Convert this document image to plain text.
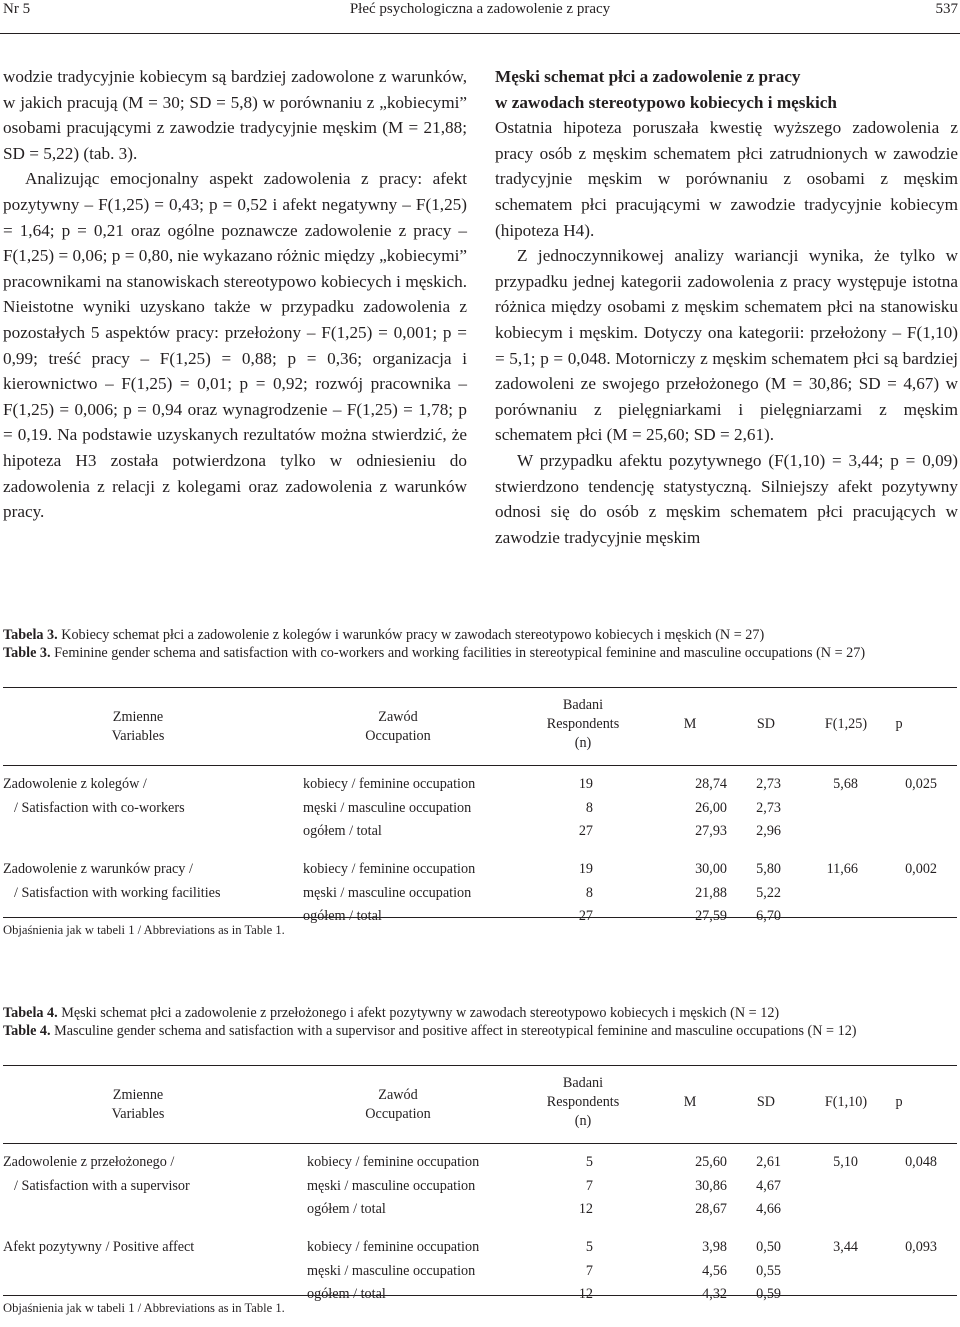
Nr 5	Płeć psychologiczna a zadowolenie z pracy	537

wodzie tradycyjnie kobiecym są bardziej zadowolone z warunków, w jakich pracują (M = 30; SD = 5,8) w porównaniu z „kobiecymi” osobami pracującymi z zawodzie tradycyjnie męskim (M = 21,88; SD = 5,22) (tab. 3).

Analizując emocjonalny aspekt zadowolenia z pracy: afekt pozytywny – F(1,25) = 0,43; p = 0,52 i afekt negatywny – F(1,25) = 1,64; p = 0,21 oraz ogólne poznawcze zadowolenie z pracy – F(1,25) = 0,06; p = 0,80, nie wykazano różnic między „kobiecymi” pracownikami na stanowiskach stereotypowo kobiecych i męskich. Nieistotne wyniki uzyskano także w przypadku zadowolenia z pozostałych 5 aspektów pracy: przełożony – F(1,25) = 0,001; p = 0,99; treść pracy – F(1,25) = 0,88; p = 0,36; organizacja i kierownictwo – F(1,25) = 0,01; p = 0,92; rozwój pracownika – F(1,25) = 0,006; p = 0,94 oraz wynagrodzenie – F(1,25) = 1,78; p = 0,19. Na podstawie uzyskanych rezultatów można stwierdzić, że hipoteza H3 została potwierdzona tylko w odniesieniu do zadowolenia z relacji z kolegami oraz zadowolenia z warunków pracy.

Męski schemat płci a zadowolenie z pracy
w zawodach stereotypowo kobiecych i męskich

Ostatnia hipoteza poruszała kwestię wyższego zadowolenia z pracy osób z męskim schematem płci zatrudnionych w zawodzie tradycyjnie męskim w porównaniu z osobami z męskim schematem płci pracującymi w zawodzie tradycyjnie kobiecym (hipoteza H4).

Z jednoczynnikowej analizy wariancji wynika, że tylko w przypadku jednej kategorii zadowolenia z pracy występuje istotna różnica między osobami z męskim schematem płci na stanowisku kobiecym i męskim. Dotyczy ona kategorii: przełożony – F(1,10) = 5,1; p = 0,048. Motorniczy z męskim schematem płci są bardziej zadowoleni ze swojego przełożonego (M = 30,86; SD = 4,67) w porównaniu z pielęgniarkami i pielęgniarzami z męskim schematem płci (M = 25,60; SD = 2,61).

W przypadku afektu pozytywnego (F(1,10) = 3,44; p = 0,09) stwierdzono tendencję statystyczną. Silniejszy afekt pozytywny odnosi się do osób z męskim schematem płci pracujących w zawodzie tradycyjnie męskim

Tabela 3. Kobiecy schemat płci a zadowolenie z kolegów i warunków pracy w zawodach stereotypowo kobiecych i męskich (N = 27)

Table 3. Feminine gender schema and satisfaction with co-workers and working facilities in stereotypical feminine and masculine occupations (N = 27)

Zmienne
Variables
Zawód
Occupation
Badani
Respondents
(n)
M	SD	F(1,25)	p
Zadowolenie z kolegów /
/ Satisfaction with co-workers
kobiecy / feminine occupation	19	28,74	2,73	5,68	0,025
męski / masculine occupation	8	26,00	2,73
ogółem / total	27	27,93	2,96
Zadowolenie z warunków pracy /
/ Satisfaction with working facilities
kobiecy / feminine occupation	19	30,00	5,80	11,66	0,002
męski / masculine occupation	8	21,88	5,22
ogółem / total	27	27,59	6,70
Objaśnienia jak w tabeli 1 / Abbreviations as in Table 1.

Tabela 4. Męski schemat płci a zadowolenie z przełożonego i afekt pozytywny w zawodach stereotypowo kobiecych i męskich (N = 12)

Table 4. Masculine gender schema and satisfaction with a supervisor and positive affect in stereotypical feminine and masculine occupations (N = 12)

Zmienne
Variables
Zawód
Occupation
Badani
Respondents
(n)
M	SD	F(1,10)	p
Zadowolenie z przełożonego /
/ Satisfaction with a supervisor
kobiecy / feminine occupation	5	25,60	2,61	5,10	0,048
męski / masculine occupation	7	30,86	4,67
ogółem / total	12	28,67	4,66
Afekt pozytywny / Positive affect	kobiecy / feminine occupation	5	3,98	0,50	3,44	0,093
męski / masculine occupation	7	4,56	0,55
ogółem / total	12	4,32	0,59
Objaśnienia jak w tabeli 1 / Abbreviations as in Table 1.
